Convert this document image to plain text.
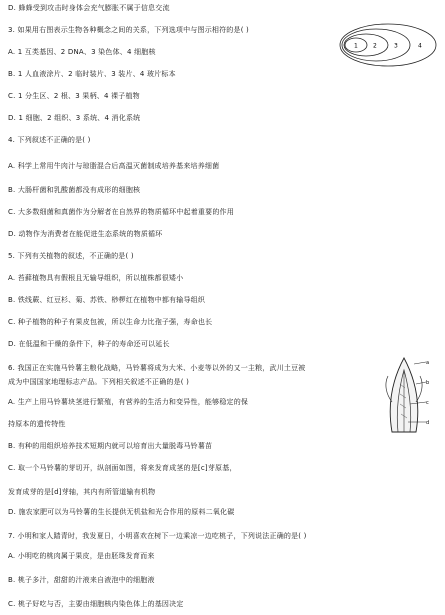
D. 蜂蜂受到攻击时身体会充气膨胀不属于信息交流
3. 如果用右图表示生物各种概念之间的关系，下列选项中与图示相符的是( )
A. 1 互类基因、2 DNA、3 染色体、4 细胞核
B. 1 人血液涂片、2 临时装片、3 装片、4 玻片标本
C. 1 分生区、2 根、3 果柄、4 裸子植物
D. 1 细胞、2 组织、3 系统、4 消化系统
4. 下列叙述不正确的是( )
A. 科学上常用牛肉汁与琼脂混合后高温灭菌制成培养基来培养细菌
B. 大肠杆菌和乳酸菌都没有成形的细胞核
C. 大多数细菌和真菌作为分解者在自然界的物质循环中起着重要的作用
D. 动物作为消费者在能促进生态系统的物质循环
5. 下列有关植物的叙述，不正确的是( )
A. 苔藓植物具有假根且无输导组织，所以植株都很矮小
B. 铁线蕨、红豆杉、菊、苏铁、桫椤红在植物中都有输导组织
C. 种子植物的种子有果皮包被，所以生命力比孢子强，寿命也长
D. 在低温和干燥的条件下，种子的寿命还可以延长
6. 我国正在实施马铃薯主粮化战略，马铃薯将成为大米、小麦等以外的又一主粮，武川土豆被
成为中国国家地理标志产品。下列相关叙述不正确的是( )
A. 生产上用马铃薯块茎进行繁殖，有营养的生活力和变异性，能够稳定的保
持原本的遗传特性
B. 有种的用组织培养技术短期内就可以培育出大量脱毒马铃薯苗
C. 取一个马铃薯的芽切开，纵剖面如图，将来发育成茎的是[c]芽原基，
发育成芽的是[d]芽轴，其内有所管道输有机物
D. 施农家肥可以为马铃薯的生长提供无机盐和光合作用的原料二氧化碳
7. 小明和家人踏青时，我发夏日，小明喜欢在树下一边乘凉一边吃桃子，下列说法正确的是( )
A. 小明吃的桃肉属于果皮，是由胚珠发育而来
B. 桃子多汁，甜甜的汁液来自液泡中的细胞液
C. 桃子好吃与否，主要由细胞核内染色体上的基因决定
1	2	3	4
a
b
c
d
